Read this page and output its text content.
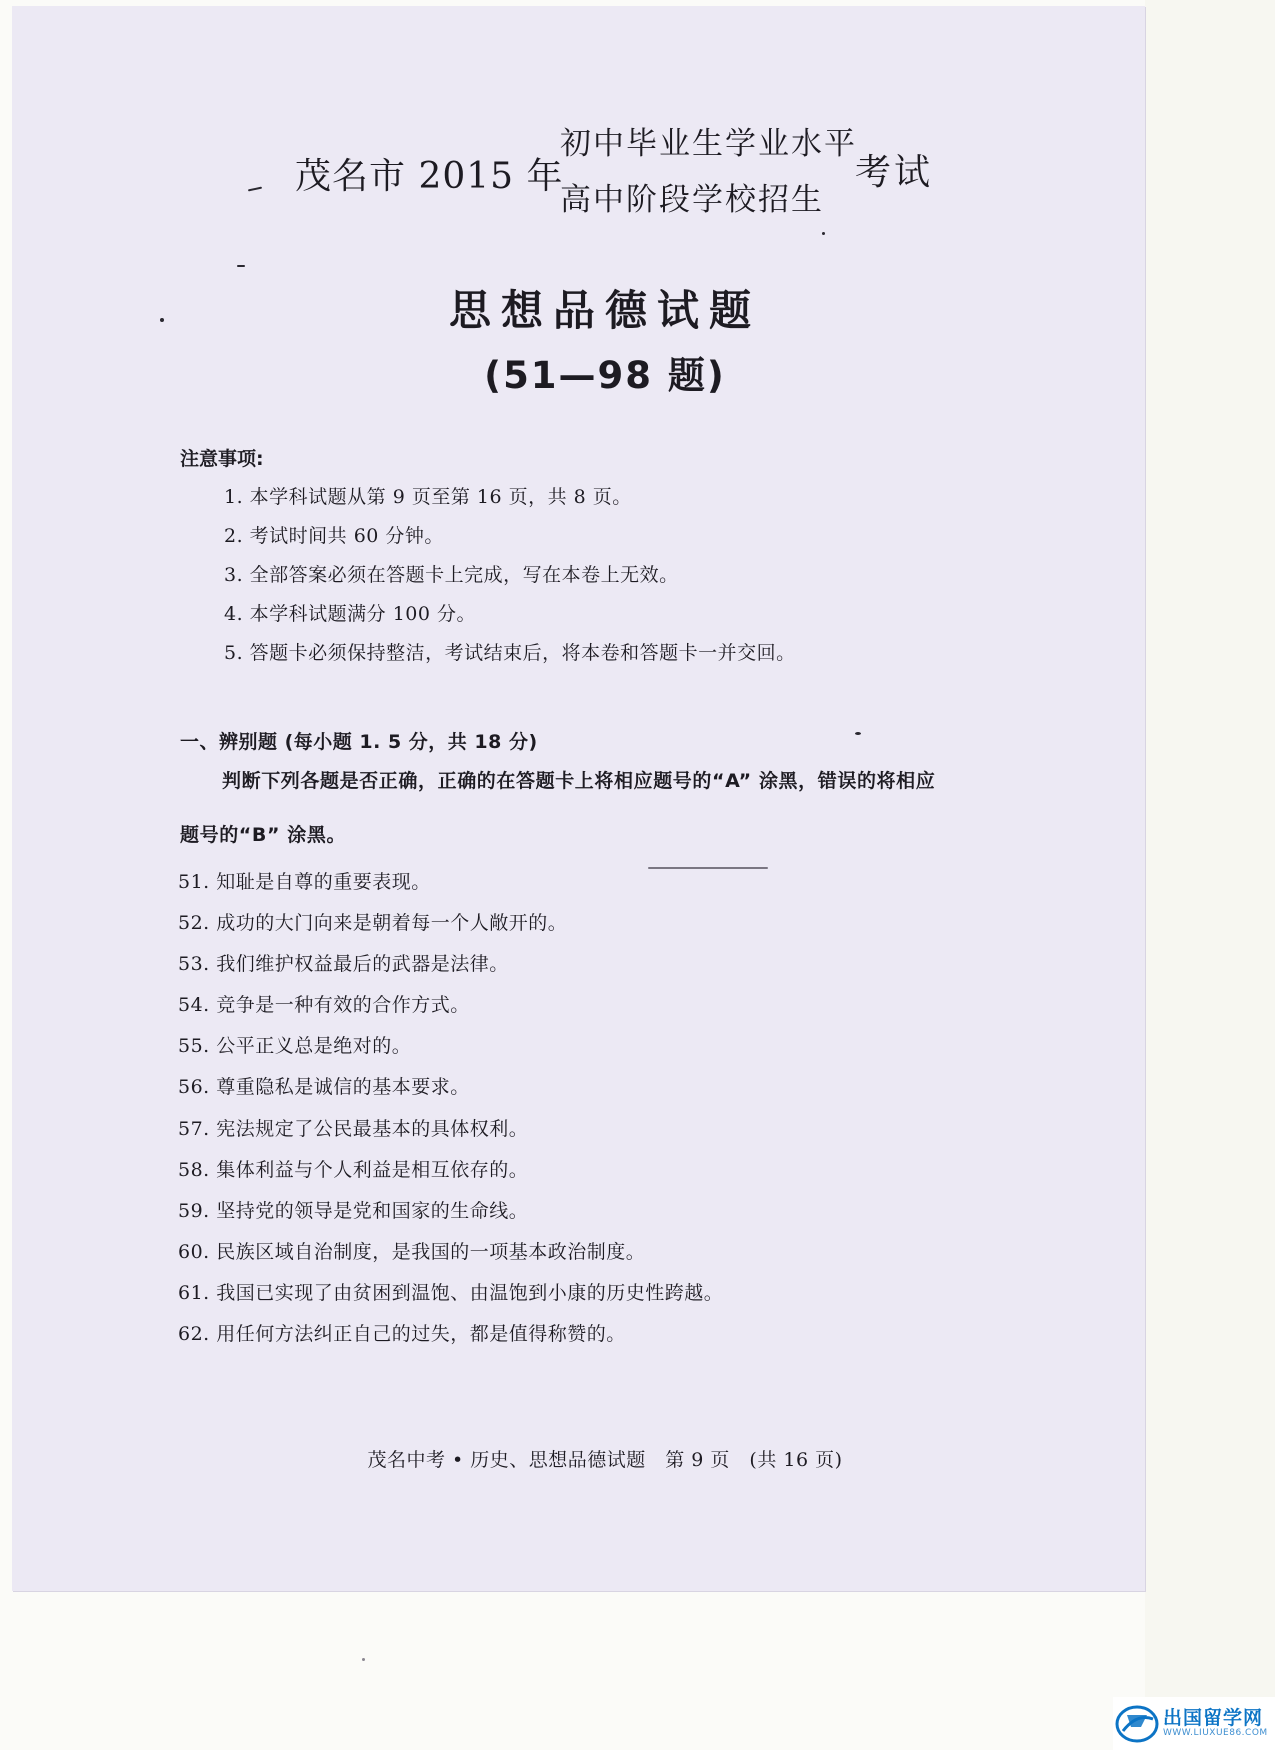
茂名市 2015 年
初中毕业生学业水平
高中阶段学校招生
考试
思想品德试题
(51—98 题)
注意事项:
1. 本学科试题从第 9 页至第 16 页，共 8 页。
2. 考试时间共 60 分钟。
3. 全部答案必须在答题卡上完成，写在本卷上无效。
4. 本学科试题满分 100 分。
5. 答题卡必须保持整洁，考试结束后，将本卷和答题卡一并交回。
一、辨别题 (每小题 1. 5 分，共 18 分)
判断下列各题是否正确，正确的在答题卡上将相应题号的“A” 涂黑，错误的将相应
题号的“B” 涂黑。
51. 知耻是自尊的重要表现。
52. 成功的大门向来是朝着每一个人敞开的。
53. 我们维护权益最后的武器是法律。
54. 竞争是一种有效的合作方式。
55. 公平正义总是绝对的。
56. 尊重隐私是诚信的基本要求。
57. 宪法规定了公民最基本的具体权利。
58. 集体利益与个人利益是相互依存的。
59. 坚持党的领导是党和国家的生命线。
60. 民族区域自治制度，是我国的一项基本政治制度。
61. 我国已实现了由贫困到温饱、由温饱到小康的历史性跨越。
62. 用任何方法纠正自己的过失，都是值得称赞的。
茂名中考 • 历史、思想品德试题　第 9 页　(共 16 页)
出国留学网
WWW.LIUXUE86.COM
